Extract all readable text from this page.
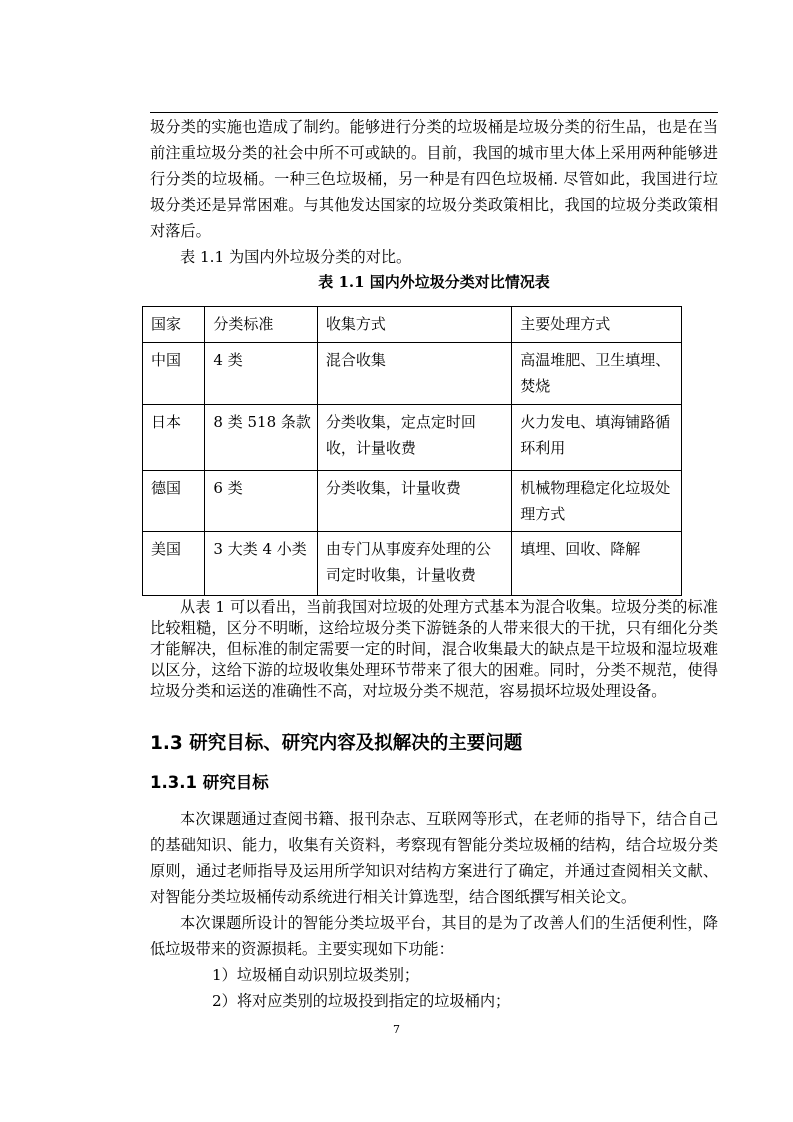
圾分类的实施也造成了制约。能够进行分类的垃圾桶是垃圾分类的衍生品，也是在当前注重垃圾分类的社会中所不可或缺的。目前，我国的城市里大体上采用两种能够进行分类的垃圾桶。一种三色垃圾桶，另一种是有四色垃圾桶. 尽管如此，我国进行垃圾分类还是异常困难。与其他发达国家的垃圾分类政策相比，我国的垃圾分类政策相对落后。

表 1.1 为国内外垃圾分类的对比。

表 1.1 国内外垃圾分类对比情况表

国家	分类标准	收集方式	主要处理方式
中国	4 类	混合收集	高温堆肥、卫生填埋、焚烧
日本	8 类 518 条款	分类收集，定点定时回收，计量收费	火力发电、填海铺路循环利用
德国	6 类	分类收集，计量收费	机械物理稳定化垃圾处理方式
美国	3 大类 4 小类	由专门从事废弃处理的公司定时收集，计量收费	填埋、回收、降解

从表 1 可以看出，当前我国对垃圾的处理方式基本为混合收集。垃圾分类的标准比较粗糙，区分不明晰，这给垃圾分类下游链条的人带来很大的干扰，只有细化分类才能解决，但标准的制定需要一定的时间，混合收集最大的缺点是干垃圾和湿垃圾难以区分，这给下游的垃圾收集处理环节带来了很大的困难。同时，分类不规范，使得垃圾分类和运送的准确性不高，对垃圾分类不规范，容易损坏垃圾处理设备。

1.3 研究目标、研究内容及拟解决的主要问题
1.3.1 研究目标

本次课题通过查阅书籍、报刊杂志、互联网等形式，在老师的指导下，结合自己的基础知识、能力，收集有关资料，考察现有智能分类垃圾桶的结构，结合垃圾分类原则，通过老师指导及运用所学知识对结构方案进行了确定，并通过查阅相关文献、对智能分类垃圾桶传动系统进行相关计算选型，结合图纸撰写相关论文。

本次课题所设计的智能分类垃圾平台，其目的是为了改善人们的生活便利性，降低垃圾带来的资源损耗。主要实现如下功能：

1）垃圾桶自动识别垃圾类别；

2）将对应类别的垃圾投到指定的垃圾桶内；

7
